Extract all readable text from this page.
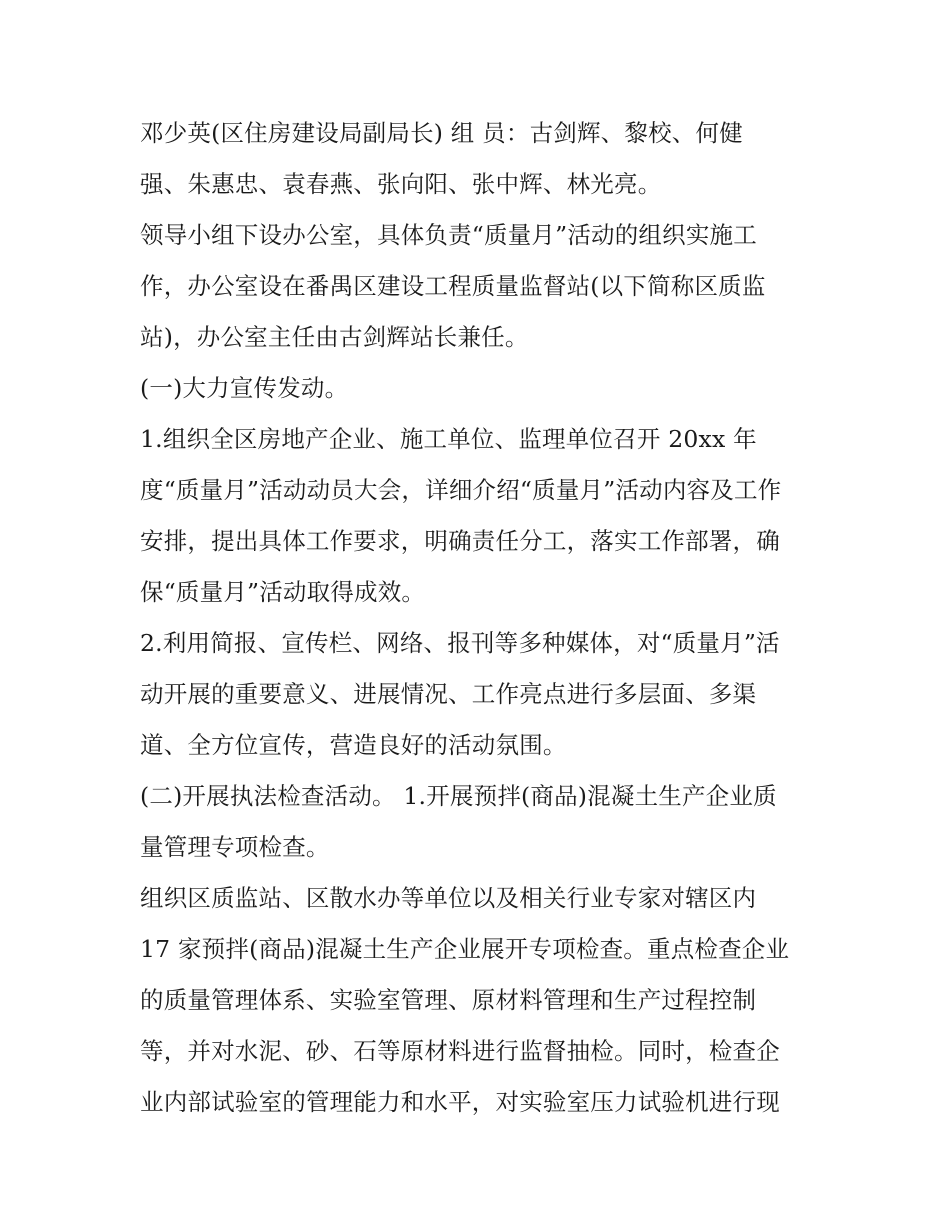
邓少英(区住房建设局副局长) 组 员：古剑辉、黎校、何健
强、朱惠忠、袁春燕、张向阳、张中辉、林光亮。
领导小组下设办公室，具体负责“质量月”活动的组织实施工
作，办公室设在番禺区建设工程质量监督站(以下简称区质监
站)，办公室主任由古剑辉站长兼任。
(一)大力宣传发动。
1.组织全区房地产企业、施工单位、监理单位召开 20xx 年
度“质量月”活动动员大会，详细介绍“质量月”活动内容及工作
安排，提出具体工作要求，明确责任分工，落实工作部署，确
保“质量月”活动取得成效。
2.利用简报、宣传栏、网络、报刊等多种媒体，对“质量月”活
动开展的重要意义、进展情况、工作亮点进行多层面、多渠
道、全方位宣传，营造良好的活动氛围。
(二)开展执法检查活动。 1.开展预拌(商品)混凝土生产企业质
量管理专项检查。
组织区质监站、区散水办等单位以及相关行业专家对辖区内
17 家预拌(商品)混凝土生产企业展开专项检查。重点检查企业
的质量管理体系、实验室管理、原材料管理和生产过程控制
等，并对水泥、砂、石等原材料进行监督抽检。同时，检查企
业内部试验室的管理能力和水平，对实验室压力试验机进行现
